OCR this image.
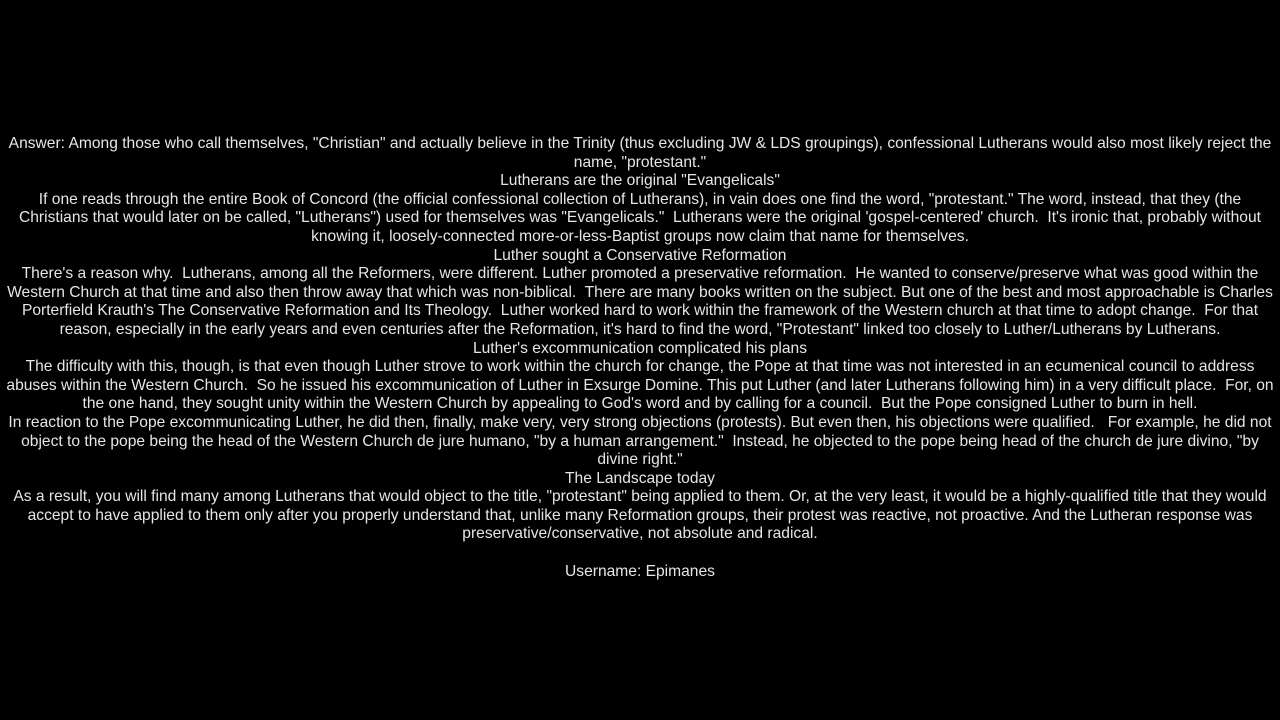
Answer: Among those who call themselves, "Christian" and actually believe in the Trinity (thus excluding JW & LDS groupings), confessional Lutherans would also most likely reject the name, "protestant."

Lutherans are the original "Evangelicals"

If one reads through the entire Book of Concord (the official confessional collection of Lutherans), in vain does one find the word, "protestant." The word, instead, that they (the Christians that would later on be called, "Lutherans") used for themselves was "Evangelicals."  Lutherans were the original 'gospel-centered' church.  It's ironic that, probably without knowing it, loosely-connected more-or-less-Baptist groups now claim that name for themselves.

Luther sought a Conservative Reformation

There's a reason why.  Lutherans, among all the Reformers, were different. Luther promoted a preservative reformation.  He wanted to conserve/preserve what was good within the Western Church at that time and also then throw away that which was non-biblical.  There are many books written on the subject. But one of the best and most approachable is Charles Porterfield Krauth's The Conservative Reformation and Its Theology.  Luther worked hard to work within the framework of the Western church at that time to adopt change.  For that reason, especially in the early years and even centuries after the Reformation, it's hard to find the word, "Protestant" linked too closely to Luther/Lutherans by Lutherans.

Luther's excommunication complicated his plans

The difficulty with this, though, is that even though Luther strove to work within the church for change, the Pope at that time was not interested in an ecumenical council to address abuses within the Western Church.  So he issued his excommunication of Luther in Exsurge Domine. This put Luther (and later Lutherans following him) in a very difficult place.  For, on the one hand, they sought unity within the Western Church by appealing to God's word and by calling for a council.  But the Pope consigned Luther to burn in hell.

In reaction to the Pope excommunicating Luther, he did then, finally, make very, very strong objections (protests). But even then, his objections were qualified.   For example, he did not object to the pope being the head of the Western Church de jure humano, "by a human arrangement."  Instead, he objected to the pope being head of the church de jure divino, "by divine right."

The Landscape today

As a result, you will find many among Lutherans that would object to the title, "protestant" being applied to them. Or, at the very least, it would be a highly-qualified title that they would accept to have applied to them only after you properly understand that, unlike many Reformation groups, their protest was reactive, not proactive. And the Lutheran response was preservative/conservative, not absolute and radical.

Username: Epimanes
